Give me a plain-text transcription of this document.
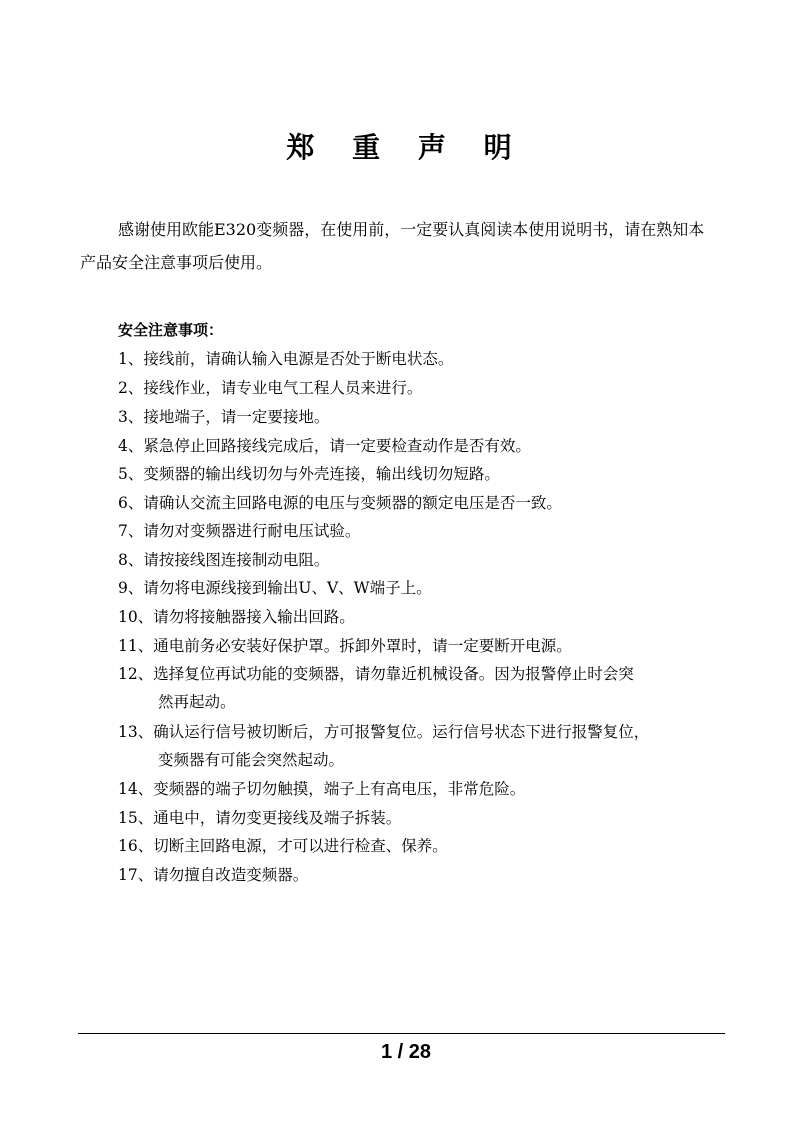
郑 重 声 明
感谢使用欧能E320变频器，在使用前，一定要认真阅读本使用说明书，请在熟知本产品安全注意事项后使用。
安全注意事项：
1、接线前，请确认输入电源是否处于断电状态。
2、接线作业，请专业电气工程人员来进行。
3、接地端子，请一定要接地。
4、紧急停止回路接线完成后，请一定要检查动作是否有效。
5、变频器的输出线切勿与外壳连接，输出线切勿短路。
6、请确认交流主回路电源的电压与变频器的额定电压是否一致。
7、请勿对变频器进行耐电压试验。
8、请按接线图连接制动电阻。
9、请勿将电源线接到输出U、V、W端子上。
10、请勿将接触器接入输出回路。
11、通电前务必安装好保护罩。拆卸外罩时，请一定要断开电源。
12、选择复位再试功能的变频器，请勿靠近机械设备。因为报警停止时会突
然再起动。
13、确认运行信号被切断后，方可报警复位。运行信号状态下进行报警复位，
变频器有可能会突然起动。
14、变频器的端子切勿触摸，端子上有高电压，非常危险。
15、通电中，请勿变更接线及端子拆装。
16、切断主回路电源，才可以进行检查、保养。
17、请勿擅自改造变频器。
1 / 28
